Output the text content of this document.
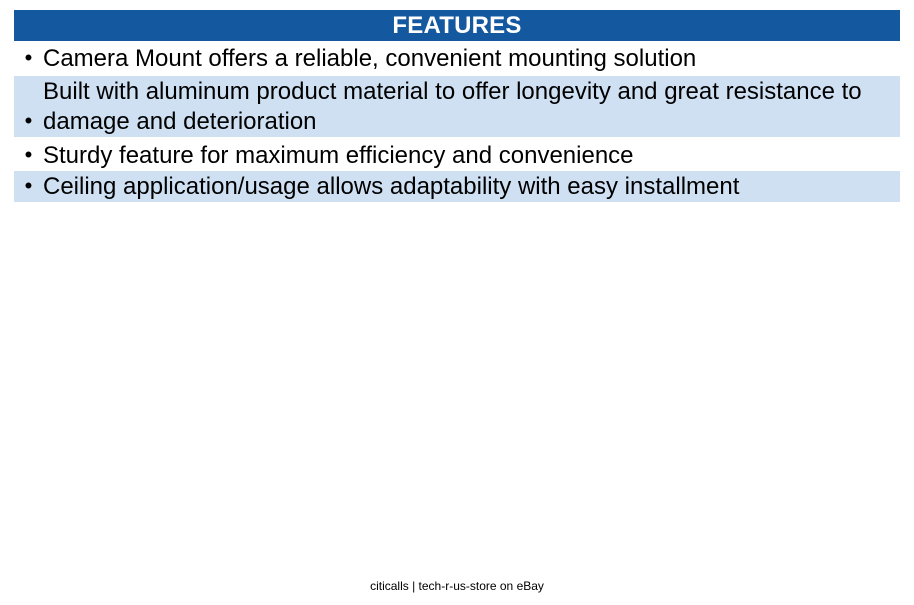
FEATURES
• Camera Mount offers a reliable, convenient mounting solution
•
Built with aluminum product material to offer longevity and great resistance to damage and deterioration
• Sturdy feature for maximum efficiency and convenience
• Ceiling application/usage allows adaptability with easy installment
citicalls | tech-r-us-store on eBay
